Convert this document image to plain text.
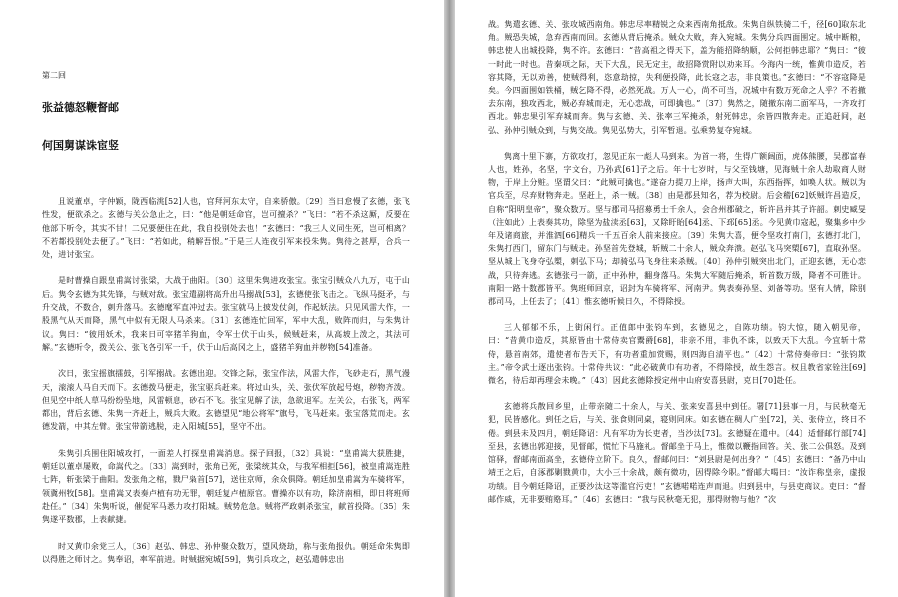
第二回
张益德怒鞭督邮
何国舅谋诛宦竖

且说董卓，字仲颖，陇西临洮[52]人也，官拜河东太守，自来骄傲。〔29〕当日怠慢了玄德，张飞性发，便欲杀之。玄德与关公急止之，曰：“他是朝廷命官，岂可擅杀？”飞曰：“若不杀这厮，反要在他部下听令，其实不甘！二兄要便住在此，我自投别处去也！”玄德曰：“我三人义同生死，岂可相离？不若都投别处去便了。”飞曰：“若如此，稍解吾恨。”于是三人连夜引军来投朱隽。隽待之甚厚，合兵一处，进讨张宝。

是时曹操自跟皇甫嵩讨张梁，大战于曲阳。〔30〕这里朱隽进攻张宝。张宝引贼众八九万，屯于山后。隽令玄德为其先锋，与贼对敌。张宝遣副将高升出马搦战[53]，玄德使张飞击之。飞纵马挺矛，与升交战，不数合，刺升落马。玄德麾军直冲过去。张宝就马上披发仗剑，作起妖法。只见风雷大作，一股黑气从天而降，黑气中似有无限人马杀来。〔31〕玄德连忙回军，军中大乱，败阵而归，与朱隽计议。隽曰：“彼用妖术，我来日可宰猪羊狗血，令军士伏于山头，候贼赶来，从高坡上泼之，其法可解。”玄德听令，拨关公、张飞各引军一千，伏于山后高冈之上，盛猪羊狗血并秽物[54]准备。

次日，张宝摇旗擂鼓，引军搦战。玄德出迎。交锋之际，张宝作法，风雷大作，飞砂走石，黑气漫天，滚滚人马自天而下。玄德拨马便走，张宝驱兵赶来。将过山头，关、张伏军放起号炮，秽物齐泼。但见空中纸人草马纷纷坠地，风雷顿息，砂石不飞。张宝见解了法，急欲退军。左关公，右张飞，两军都出，背后玄德、朱隽一齐赶上，贼兵大败。玄德望见“地公将军”旗号，飞马赶来。张宝落荒而走。玄德发箭，中其左臂。张宝带箭逃脱，走入阳城[55]，坚守不出。

朱隽引兵围住阳城攻打，一面差人打探皇甫嵩消息。探子回报，〔32〕具说：“皇甫嵩大获胜捷，朝廷以董卓屡败，命嵩代之。〔33〕嵩到时，张角已死，张梁统其众，与我军相拒[56]，被皇甫嵩连胜七阵，斩张梁于曲阳。发张角之棺，戮尸枭首[57]，送往京师，余众俱降。朝廷加皇甫嵩为车骑将军，领冀州牧[58]。皇甫嵩又表奏卢植有功无罪，朝廷复卢植原官。曹操亦以有功，除济南相，即日将班师赴任。”〔34〕朱隽听说，催促军马悉力攻打阳城。贼势危急。贼将严政刺杀张宝，献首投降。〔35〕朱隽遂平数郡，上表献捷。

时又黄巾余党三人，〔36〕赵弘、韩忠、孙仲聚众数万，望风烧劫，称与张角报仇。朝廷命朱隽即以得胜之师讨之。隽奉诏，率军前进。时贼据宛城[59]，隽引兵攻之，赵弘遣韩忠出

战。隽遣玄德、关、张攻城西南角。韩忠尽率精锐之众来西南角抵敌。朱隽自纵铁骑二千，径[60]取东北角。贼恐失城，急弃西南而回。玄德从背后掩杀。贼众大败，奔入宛城。朱隽分兵四面围定。城中断粮，韩忠使人出城投降，隽不许。玄德曰：“昔高祖之得天下，盖为能招降纳顺，公何拒韩忠耶？”隽曰：“彼一时此一时也。昔秦项之际，天下大乱，民无定主，故招降赏附以劝来耳。今海内一统，惟黄巾造反，若容其降，无以劝善，使贼得利，恣意劫掠，失利便投降，此长寇之志，非良策也。”玄德曰：“不容寇降是矣。今四面围如铁桶，贼乞降不得，必然死战。万人一心，尚不可当，况城中有数万死命之人乎？不若撤去东南，独攻西北，贼必弃城而走，无心恋战，可即擒也。”〔37〕隽然之，随撤东南二面军马，一齐攻打西北。韩忠果引军弃城而奔。隽与玄德、关、张率三军掩杀，射死韩忠，余皆四散奔走。正追赶间，赵弘、孙仲引贼众到，与隽交战。隽见弘势大，引军暂退。弘乘势复夺宛城。

隽离十里下寨，方欲攻打，忽见正东一彪人马到来。为首一将，生得广额阔面，虎体熊腰，吴郡富春人也，姓孙，名坚，字文台，乃孙武[61]子之后。年十七岁时，与父至钱塘，见海贼十余人劫取商人财物，于岸上分赃。坚谓父曰：“此贼可擒也。”遂奋力提刀上岸，扬声大叫，东西指挥，如唤人状。贼以为官兵至，尽弃财物奔走。坚赶上，杀一贼。〔38〕由是郡县知名，荐为校尉。后会稽[62]妖贼许昌造反，自称“阳明皇帝”，聚众数万。坚与郡司马招募勇士千余人，会合州郡破之，斩许昌并其子许韶。刺史臧旻（注如此）上表奏其功，除坚为盐渎丞[63]，又除盱眙[64]丞、下邳[65]丞。今见黄巾寇起，聚集乡中少年及诸商旅，并淮泗[66]精兵一千五百余人前来接应。〔39〕朱隽大喜，便令坚攻打南门，玄德打北门，朱隽打西门，留东门与贼走。孙坚首先登城，斩贼二十余人，贼众奔溃。赵弘飞马突槊[67]，直取孙坚。坚从城上飞身夺弘槊，刺弘下马；却骑弘马飞身往来杀贼。〔40〕孙仲引贼突出北门，正迎玄德，无心恋战，只待奔逃。玄德张弓一箭，正中孙仲，翻身落马。朱隽大军随后掩杀，斩首数万级，降者不可胜计。南阳一路十数郡皆平。隽班师回京，诏封为车骑将军、河南尹。隽表奏孙坚、刘备等功。坚有人情，除别郡司马，上任去了；〔41〕惟玄德听候日久，不得除授。

三人郁郁不乐，上街闲行。正值郎中张钧车到，玄德见之，自陈功绩。钧大惊，随入朝见帝，曰：“昔黄巾造反，其原皆由十常侍卖官鬻爵[68]，非亲不用，非仇不诛，以致天下大乱。今宜斩十常侍，悬首南郊，遣使者布告天下，有功者重加赏赐，则四海自清平也。”〔42〕十常侍奏帝曰：“张钧欺主。”帝令武士逐出张钧。十常侍共议：“此必破黄巾有功者，不得除授，故生怨言。权且教省家铨注[69]微名，待后却再理会未晚。”〔43〕因此玄德除授定州中山府安喜县尉，克日[70]赴任。

玄德将兵散回乡里，止带亲随二十余人，与关、张来安喜县中到任。署[71]县事一月，与民秋毫无犯，民皆感化。到任之后，与关、张食则同桌，寝则同床。如玄德在稠人广坐[72]，关、张侍立，终日不倦。到县未及四月，朝廷降诏：凡有军功为长吏者，当沙汰[73]。玄德疑在遣中。〔44〕适督邮行部[74]至县，玄德出郭迎接，见督邮，慌忙下马施礼。督邮坐于马上，惟微以鞭指回答。关、张二公俱怒。及到馆驿，督邮南面高坐，玄德侍立阶下。良久，督邮问曰：“刘县尉是何出身？”〔45〕玄德曰：“备乃中山靖王之后，自涿郡剿戮黄巾，大小三十余战，颇有微功，因得除今职。”督邮大喝曰：“汝诈称皇亲，虚报功绩。目今朝廷降诏，正要沙汰这等滥官污吏！”玄德喏喏连声而退。归到县中，与县吏商议。吏曰：“督邮作威，无非要贿赂耳。”〔46〕玄德曰：“我与民秋毫无犯，那得财物与他？”次
